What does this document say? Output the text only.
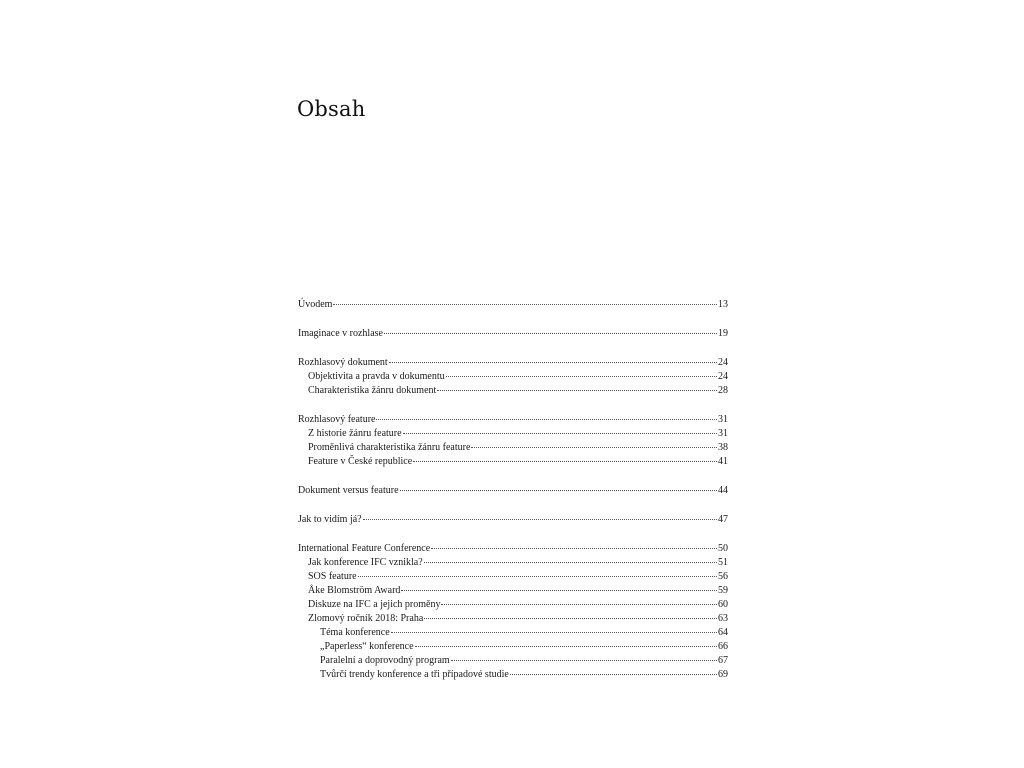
Obsah
Úvodem	13
Imaginace v rozhlase	19
Rozhlasový dokument	24
Objektivita a pravda v dokumentu	24
Charakteristika žánru dokument	28
Rozhlasový feature	31
Z historie žánru feature	31
Proměnlivá charakteristika žánru feature	38
Feature v České republice	41
Dokument versus feature	44
Jak to vidím já?	47
International Feature Conference	50
Jak konference IFC vznikla?	51
SOS feature	56
Åke Blomström Award	59
Diskuze na IFC a jejich proměny	60
Zlomový ročník 2018: Praha	63
Téma konference	64
„Paperless“ konference	66
Paralelní a doprovodný program	67
Tvůrčí trendy konference a tři případové studie	69
